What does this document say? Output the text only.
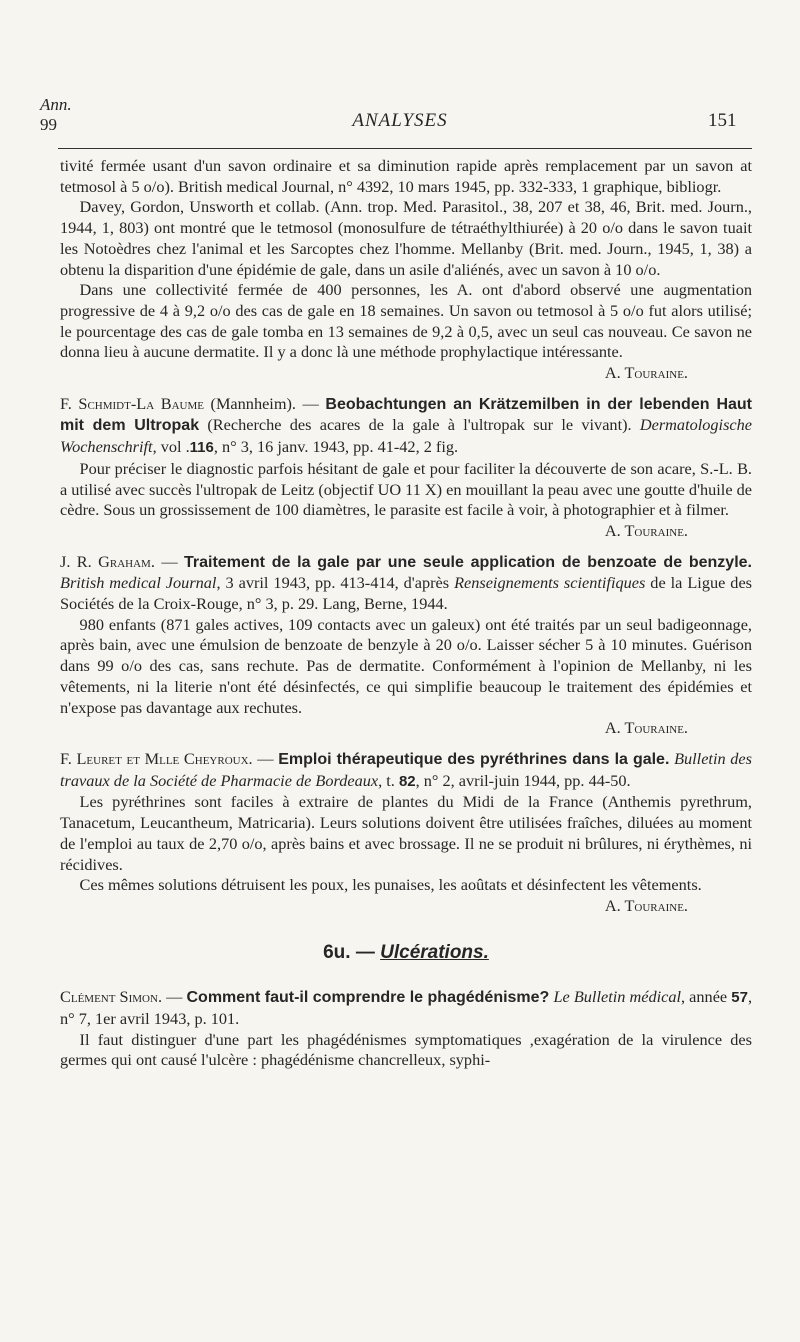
Ann.
99	ANALYSES	151

tivité fermée usant d'un savon ordinaire et sa diminution rapide après remplacement par un savon at tetmosol à 5 o/o). British medical Journal, n° 4392, 10 mars 1945, pp. 332-333, 1 graphique, bibliogr.

Davey, Gordon, Unsworth et collab. (Ann. trop. Med. Parasitol., 38, 207 et 38, 46, Brit. med. Journ., 1944, 1, 803) ont montré que le tetmosol (monosulfure de tétraéthylthiurée) à 20 o/o dans le savon tuait les Notoèdres chez l'animal et les Sarcoptes chez l'homme. Mellanby (Brit. med. Journ., 1945, 1, 38) a obtenu la disparition d'une épidémie de gale, dans un asile d'aliénés, avec un savon à 10 o/o.

Dans une collectivité fermée de 400 personnes, les A. ont d'abord observé une augmentation progressive de 4 à 9,2 o/o des cas de gale en 18 semaines. Un savon ou tetmosol à 5 o/o fut alors utilisé; le pourcentage des cas de gale tomba en 13 semaines de 9,2 à 0,5, avec un seul cas nouveau. Ce savon ne donna lieu à aucune dermatite. Il y a donc là une méthode prophylactique intéressante.

A. Touraine.

F. Schmidt-La Baume (Mannheim). — Beobachtungen an Krätzemilben in der lebenden Haut mit dem Ultropak (Recherche des acares de la gale à l'ultropak sur le vivant). Dermatologische Wochenschrift, vol .116, n° 3, 16 janv. 1943, pp. 41-42, 2 fig.

Pour préciser le diagnostic parfois hésitant de gale et pour faciliter la découverte de son acare, S.-L. B. a utilisé avec succès l'ultropak de Leitz (objectif UO 11 X) en mouillant la peau avec une goutte d'huile de cèdre. Sous un grossissement de 100 diamètres, le parasite est facile à voir, à photographier et à filmer.

A. Touraine.

J. R. Graham. — Traitement de la gale par une seule application de benzoate de benzyle. British medical Journal, 3 avril 1943, pp. 413-414, d'après Renseignements scientifiques de la Ligue des Sociétés de la Croix-Rouge, n° 3, p. 29. Lang, Berne, 1944.

980 enfants (871 gales actives, 109 contacts avec un galeux) ont été traités par un seul badigeonnage, après bain, avec une émulsion de benzoate de benzyle à 20 o/o. Laisser sécher 5 à 10 minutes. Guérison dans 99 o/o des cas, sans rechute. Pas de dermatite. Conformément à l'opinion de Mellanby, ni les vêtements, ni la literie n'ont été désinfectés, ce qui simplifie beaucoup le traitement des épidémies et n'expose pas davantage aux rechutes.

A. Touraine.

F. Leuret et Mlle Cheyroux. — Emploi thérapeutique des pyréthrines dans la gale. Bulletin des travaux de la Société de Pharmacie de Bordeaux, t. 82, n° 2, avril-juin 1944, pp. 44-50.

Les pyréthrines sont faciles à extraire de plantes du Midi de la France (Anthemis pyrethrum, Tanacetum, Leucantheum, Matricaria). Leurs solutions doivent être utilisées fraîches, diluées au moment de l'emploi au taux de 2,70 o/o, après bains et avec brossage. Il ne se produit ni brûlures, ni érythèmes, ni récidives.

Ces mêmes solutions détruisent les poux, les punaises, les aoûtats et désinfectent les vêtements.

A. Touraine.

6u. — Ulcérations.

Clément Simon. — Comment faut-il comprendre le phagédénisme? Le Bulletin médical, année 57, n° 7, 1er avril 1943, p. 101.

Il faut distinguer d'une part les phagédénismes symptomatiques ,exagération de la virulence des germes qui ont causé l'ulcère : phagédénisme chancrelleux, syphi-
